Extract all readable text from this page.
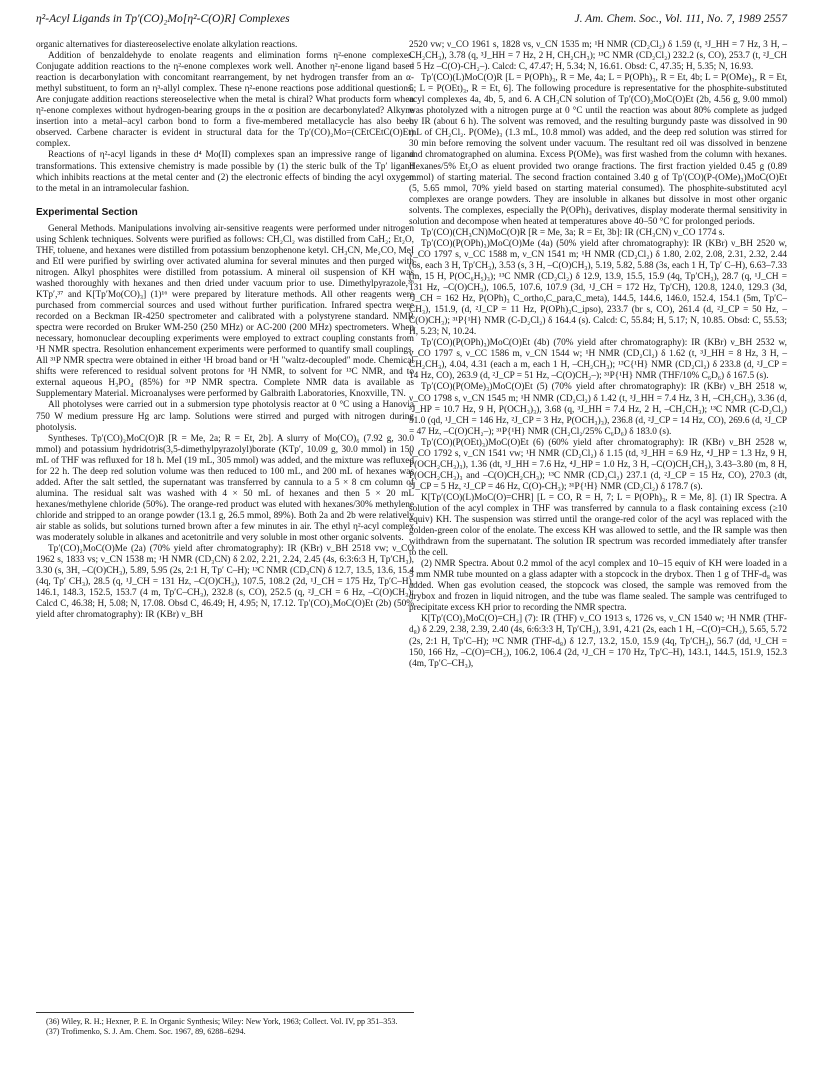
η²-Acyl Ligands in Tp′(CO)₂Mo[η²-C(O)R] Complexes	J. Am. Chem. Soc., Vol. 111, No. 7, 1989 2557

organic alternatives for diastereoselective enolate alkylation reactions.

Addition of benzaldehyde to enolate reagents and elimination forms η²-enone complexes. Conjugate addition reactions to the η²-enone complexes work well. Another η²-enone ligand based reaction is decarbonylation with concomitant rearrangement, by net hydrogen transfer from an α-methyl substituent, to form an η³-allyl complex. These η²-enone reactions pose additional questions. Are conjugate addition reactions stereoselective when the metal is chiral? What products form when η²-enone complexes without hydrogen-bearing groups in the α position are decarbonylated? Alkyne insertion into a metal–acyl carbon bond to form a five-membered metallacycle has also been observed. Carbene character is evident in structural data for the Tp′(CO)₂Mo=(CEtCEtC(O)Et) complex.

Reactions of η²-acyl ligands in these d⁴ Mo(II) complexes span an impressive range of ligand transformations. This extensive chemistry is made possible by (1) the steric bulk of the Tp′ ligand which inhibits reactions at the metal center and (2) the electronic effects of binding the acyl oxygen to the metal in an intramolecular fashion.

Experimental Section

General Methods. Manipulations involving air-sensitive reagents were performed under nitrogen using Schlenk techniques. Solvents were purified as follows: CH₂Cl₂ was distilled from CaH₂; Et₂O, THF, toluene, and hexanes were distilled from potassium benzophenone ketyl. CH₃CN, Me₂CO, MeI and EtI were purified by swirling over activated alumina for several minutes and then purged with nitrogen. Alkyl phosphites were distilled from potassium. A mineral oil suspension of KH was washed thoroughly with hexanes and then dried under vacuum prior to use. Dimethylpyrazole,³⁶ KTp′,³⁷ and K[Tp′Mo(CO)₃] (1)¹⁶ were prepared by literature methods. All other reagents were purchased from commercial sources and used without further purification. Infrared spectra were recorded on a Beckman IR-4250 spectrometer and calibrated with a polystyrene standard. NMR spectra were recorded on Bruker WM-250 (250 MHz) or AC-200 (200 MHz) spectrometers. When necessary, homonuclear decoupling experiments were employed to extract coupling constants from ¹H NMR spectra. Resolution enhancement experiments were performed to quantify small couplings. All ³¹P NMR spectra were obtained in either ¹H broad band or ¹H "waltz-decoupled" mode. Chemical shifts were referenced to residual solvent protons for ¹H NMR, to solvent for ¹³C NMR, and to external aqueous H₃PO₄ (85%) for ³¹P NMR spectra. Complete NMR data is available as Supplementary Material. Microanalyses were performed by Galbraith Laboratories, Knoxville, TN.

All photolyses were carried out in a submersion type photolysis reactor at 0 °C using a Hanovia 750 W medium pressure Hg arc lamp. Solutions were stirred and purged with nitrogen during photolysis.

Syntheses. Tp′(CO)₂MoC(O)R [R = Me, 2a; R = Et, 2b]. A slurry of Mo(CO)₆ (7.92 g, 30.0 mmol) and potassium hydridotris(3,5-dimethylpyrazolyl)borate (KTp′, 10.09 g, 30.0 mmol) in 150 mL of THF was refluxed for 18 h. MeI (19 mL, 305 mmol) was added, and the mixture was refluxed for 22 h. The deep red solution volume was then reduced to 100 mL, and 200 mL of hexanes was added. After the salt settled, the supernatant was transferred by cannula to a 5 × 8 cm column of alumina. The residual salt was washed with 4 × 50 mL of hexanes and then 5 × 20 mL hexanes/methylene chloride (50%). The orange-red product was eluted with hexanes/30% methylene chloride and stripped to an orange powder (13.1 g, 26.5 mmol, 89%). Both 2a and 2b were relatively air stable as solids, but solutions turned brown after a few minutes in air. The ethyl η²-acyl complex was moderately soluble in alkanes and acetonitrile and very soluble in most other organic solvents.

Tp′(CO)₂MoC(O)Me (2a) (70% yield after chromatography): IR (KBr) ν_BH 2518 vw; ν_CO 1962 s, 1833 vs; ν_CN 1538 m; ¹H NMR (CD₃CN) δ 2.02, 2.21, 2.24, 2.45 (4s, 6:3:6:3 H, Tp′CH₃), 3.30 (s, 3H, –C(O)CH₃), 5.89, 5.95 (2s, 2:1 H, Tp′ C–H); ¹³C NMR (CD₃CN) δ 12.7, 13.5, 13.6, 15.4 (4q, Tp′ CH₃), 28.5 (q, ¹J_CH = 131 Hz, –C(O)CH₃), 107.5, 108.2 (2d, ¹J_CH = 175 Hz, Tp′C–H), 146.1, 148.3, 152.5, 153.7 (4 m, Tp′C–CH₃), 232.8 (s, CO), 252.5 (q, ²J_CH = 6 Hz, –C(O)CH₃); Calcd C, 46.38; H, 5.08; N, 17.08. Obsd C, 46.49; H, 4.95; N, 17.12. Tp′(CO)₂MoC(O)Et (2b) (50% yield after chromatography): IR (KBr) ν_BH

2520 vw; ν_CO 1961 s, 1828 vs, ν_CN 1535 m; ¹H NMR (CD₂Cl₂) δ 1.59 (t, ³J_HH = 7 Hz, 3 H, –CH₂CH₃), 3.78 (q, ³J_HH = 7 Hz, 2 H, CH₂CH₃); ¹³C NMR (CD₂Cl₂) 232.2 (s, CO), 253.7 (t, ²J_CH = 5 Hz –C(O)-CH₂–). Calcd: C, 47.47; H, 5.34; N, 16.61. Obsd: C, 47.35; H, 5.35; N, 16.93.

Tp′(CO)(L)MoC(O)R [L = P(OPh)₃, R = Me, 4a; L = P(OPh)₃, R = Et, 4b; L = P(OMe)₃, R = Et, 5; L = P(OEt)₃, R = Et, 6]. The following procedure is representative for the phosphite-substituted acyl complexes 4a, 4b, 5, and 6. A CH₃CN solution of Tp′(CO)₂MoC(O)Et (2b, 4.56 g, 9.00 mmol) was photolyzed with a nitrogen purge at 0 °C until the reaction was about 80% complete as judged by IR (about 6 h). The solvent was removed, and the resulting burgundy paste was dissolved in 90 mL of CH₂Cl₂. P(OMe)₃ (1.3 mL, 10.8 mmol) was added, and the deep red solution was stirred for 30 min before removing the solvent under vacuum. The resultant red oil was dissolved in benzene and chromatographed on alumina. Excess P(OMe)₃ was first washed from the column with hexanes. Hexanes/5% Et₂O as eluent provided two orange fractions. The first fraction yielded 0.45 g (0.89 mmol) of starting material. The second fraction contained 3.40 g of Tp′(CO)(P-(OMe)₃)MoC(O)Et (5, 5.65 mmol, 70% yield based on starting material consumed). The phosphite-substituted acyl complexes are orange powders. They are insoluble in alkanes but dissolve in most other organic solvents. The complexes, especially the P(OPh)₃ derivatives, display moderate thermal sensitivity in solution and decompose when heated at temperatures above 40–50 °C for prolonged periods.

Tp′(CO)(CH₃CN)MoC(O)R [R = Me, 3a; R = Et, 3b]: IR (CH₃CN) ν_CO 1774 s.

Tp′(CO)(P(OPh)₃)MoC(O)Me (4a) (50% yield after chromatography): IR (KBr) ν_BH 2520 w, ν_CO 1797 s, ν_CC 1588 m, ν_CN 1541 m; ¹H NMR (CD₂Cl₂) δ 1.80, 2.02, 2.08, 2.31, 2.32, 2.44 (6s, each 3 H, Tp′CH₃), 3.53 (s, 3 H, –C(O)CH₃), 5.19, 5.82, 5.88 (3s, each 1 H, Tp′ C–H), 6.63–7.33 (m, 15 H, P(OC₆H₅)₃); ¹³C NMR (CD₂Cl₂) δ 12.9, 13.9, 15.5, 15.9 (4q, Tp′CH₃), 28.7 (q, ¹J_CH = 131 Hz, –C(O)CH₃), 106.5, 107.6, 107.9 (3d, ¹J_CH = 172 Hz, Tp′CH), 120.8, 124.0, 129.3 (3d, ¹J_CH = 162 Hz, P(OPh)₃ C_ortho,C_para,C_meta), 144.5, 144.6, 146.0, 152.4, 154.1 (5m, Tp′C–CH₃), 151.9, (d, ²J_CP = 11 Hz, P(OPh)₃C_ipso), 233.7 (br s, CO), 261.4 (d, ²J_CP = 50 Hz, –C(O)CH₃); ³¹P{¹H} NMR (C-D₂Cl₂) δ 164.4 (s). Calcd: C, 55.84; H, 5.17; N, 10.85. Obsd: C, 55.53; H, 5.23; N, 10.24.

Tp′(CO)(P(OPh)₃)MoC(O)Et (4b) (70% yield after chromatography): IR (KBr) ν_BH 2532 w, ν_CO 1797 s, ν_CC 1586 m, ν_CN 1544 w; ¹H NMR (CD₂Cl₂) δ 1.62 (t, ³J_HH = 8 Hz, 3 H, –CH₂CH₃), 4.04, 4.31 (each a m, each 1 H, –CH₂CH₃); ¹³C{¹H} NMR (CD₂Cl₂) δ 233.8 (d, ²J_CP = 14 Hz, CO), 263.9 (d, ²J_CP = 51 Hz, –C(O)CH₂–); ³¹P{¹H} NMR (THF/10% C₆D₆) δ 167.5 (s).

Tp′(CO)(P(OMe)₃)MoC(O)Et (5) (70% yield after chromatography): IR (KBr) ν_BH 2518 w, ν_CO 1798 s, ν_CN 1545 m; ¹H NMR (CD₂Cl₂) δ 1.42 (t, ³J_HH = 7.4 Hz, 3 H, –CH₂CH₃), 3.36 (d, ³J_HP = 10.7 Hz, 9 H, P(OCH₃)₃), 3.68 (q, ³J_HH = 7.4 Hz, 2 H, –CH₂CH₃); ¹³C NMR (C-D₂Cl₂) 51.0 (qd, ¹J_CH = 146 Hz, ²J_CP = 3 Hz, P(OCH₃)₃), 236.8 (d, ²J_CP = 14 Hz, CO), 269.6 (d, ²J_CP = 47 Hz, –C(O)CH₂–); ³¹P{¹H} NMR (CH₂Cl₂/25% C₆D₆) δ 183.0 (s).

Tp′(CO)(P(OEt)₃)MoC(O)Et (6) (60% yield after chromatography): IR (KBr) ν_BH 2528 w, ν_CO 1792 s, ν_CN 1541 vw; ¹H NMR (CD₂Cl₂) δ 1.15 (td, ³J_HH = 6.9 Hz, ⁴J_HP = 1.3 Hz, 9 H, P(OCH₂CH₃)₃), 1.36 (dt, ³J_HH = 7.6 Hz, ⁴J_HP = 1.0 Hz, 3 H, –C(O)CH₂CH₃), 3.43–3.80 (m, 8 H, P(OCH₂CH₃)₃ and –C(O)CH₂CH₃); ¹³C NMR (CD₂Cl₂) 237.1 (d, ²J_CP = 15 Hz, CO), 270.3 (dt, ²J_CP = 5 Hz, ²J_CP = 46 Hz, C(O)-CH₃); ³¹P{¹H} NMR (CD₂Cl₂) δ 178.7 (s).

K[Tp′(CO)(L)MoC(O)=CHR] [L = CO, R = H, 7; L = P(OPh)₃, R = Me, 8]. (1) IR Spectra. A solution of the acyl complex in THF was transferred by cannula to a flask containing excess (≥10 equiv) KH. The suspension was stirred until the orange-red color of the acyl was replaced with the golden-green color of the enolate. The excess KH was allowed to settle, and the IR sample was then withdrawn from the supernatant. The solution IR spectrum was recorded immediately after transfer to the cell.

(2) NMR Spectra. About 0.2 mmol of the acyl complex and 10–15 equiv of KH were loaded in a 5 mm NMR tube mounted on a glass adapter with a stopcock in the drybox. Then 1 g of THF-d₈ was added. When gas evolution ceased, the stopcock was closed, the sample was removed from the drybox and frozen in liquid nitrogen, and the tube was flame sealed. The sample was centrifuged to precipitate excess KH prior to recording the NMR spectra.

K[Tp′(CO)₂MoC(O)=CH₂] (7): IR (THF) ν_CO 1913 s, 1726 vs, ν_CN 1540 w; ¹H NMR (THF-d₈) δ 2.29, 2.38, 2.39, 2.40 (4s, 6:6:3:3 H, Tp′CH₃), 3.91, 4.21 (2s, each 1 H, –C(O)=CH₂), 5.65, 5.72 (2s, 2:1 H, Tp′C–H); ¹³C NMR (THF-d₈) δ 12.7, 13.2, 15.0, 15.9 (4q, Tp′CH₃), 56.7 (dd, ¹J_CH = 150, 166 Hz, –C(O)=CH₂), 106.2, 106.4 (2d, ¹J_CH = 170 Hz, Tp′C–H), 143.1, 144.5, 151.9, 152.3 (4m, Tp′C–CH₃),

(36) Wiley, R. H.; Hexner, P. E. In Organic Synthesis; Wiley: New York, 1963; Collect. Vol. IV, pp 351–353.

(37) Trofimenko, S. J. Am. Chem. Soc. 1967, 89, 6288–6294.
